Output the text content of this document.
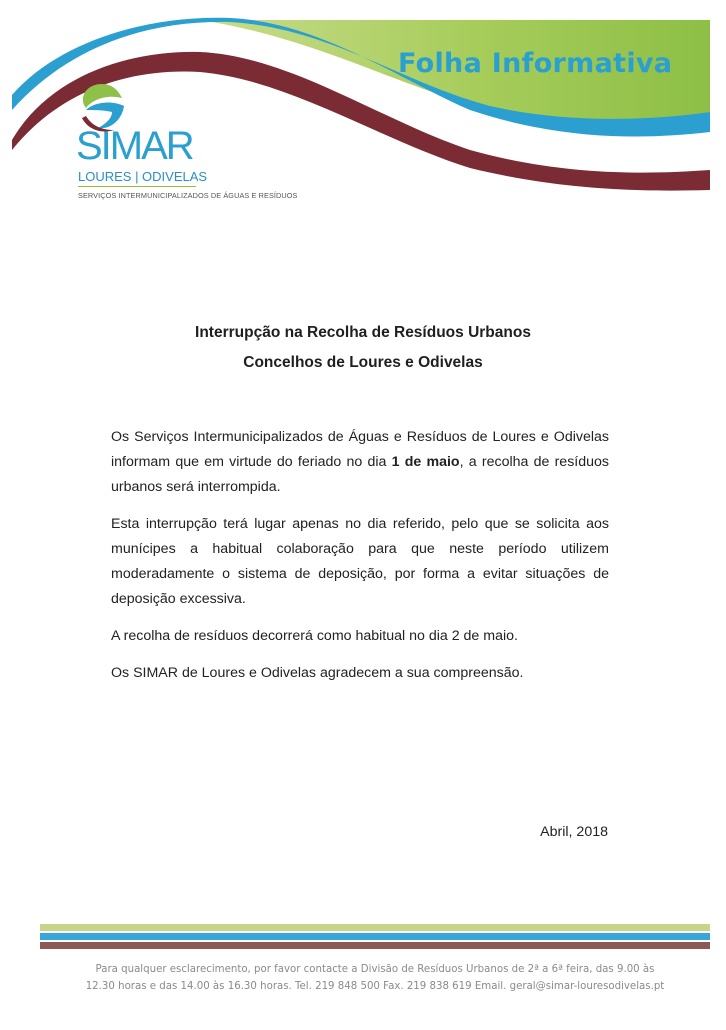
Folha Informativa
SIMAR
LOURES | ODIVELAS
SERVIÇOS INTERMUNICIPALIZADOS DE ÁGUAS E RESÍDUOS
Interrupção na Recolha de Resíduos Urbanos
Concelhos de Loures e Odivelas

Os Serviços Intermunicipalizados de Águas e Resíduos de Loures e Odivelas informam que em virtude do feriado no dia 1 de maio, a recolha de resíduos urbanos será interrompida.

Esta interrupção terá lugar apenas no dia referido, pelo que se solicita aos munícipes a habitual colaboração para que neste período utilizem moderadamente o sistema de deposição, por forma a evitar situações de deposição excessiva.

A recolha de resíduos decorrerá como habitual no dia 2 de maio.

Os SIMAR de Loures e Odivelas agradecem a sua compreensão.

Abril, 2018
Para qualquer esclarecimento, por favor contacte a Divisão de Resíduos Urbanos de 2ª a 6ª feira, das 9.00 às
12.30 horas e das 14.00 às 16.30 horas. Tel. 219 848 500 Fax. 219 838 619 Email. geral@simar-louresodivelas.pt
